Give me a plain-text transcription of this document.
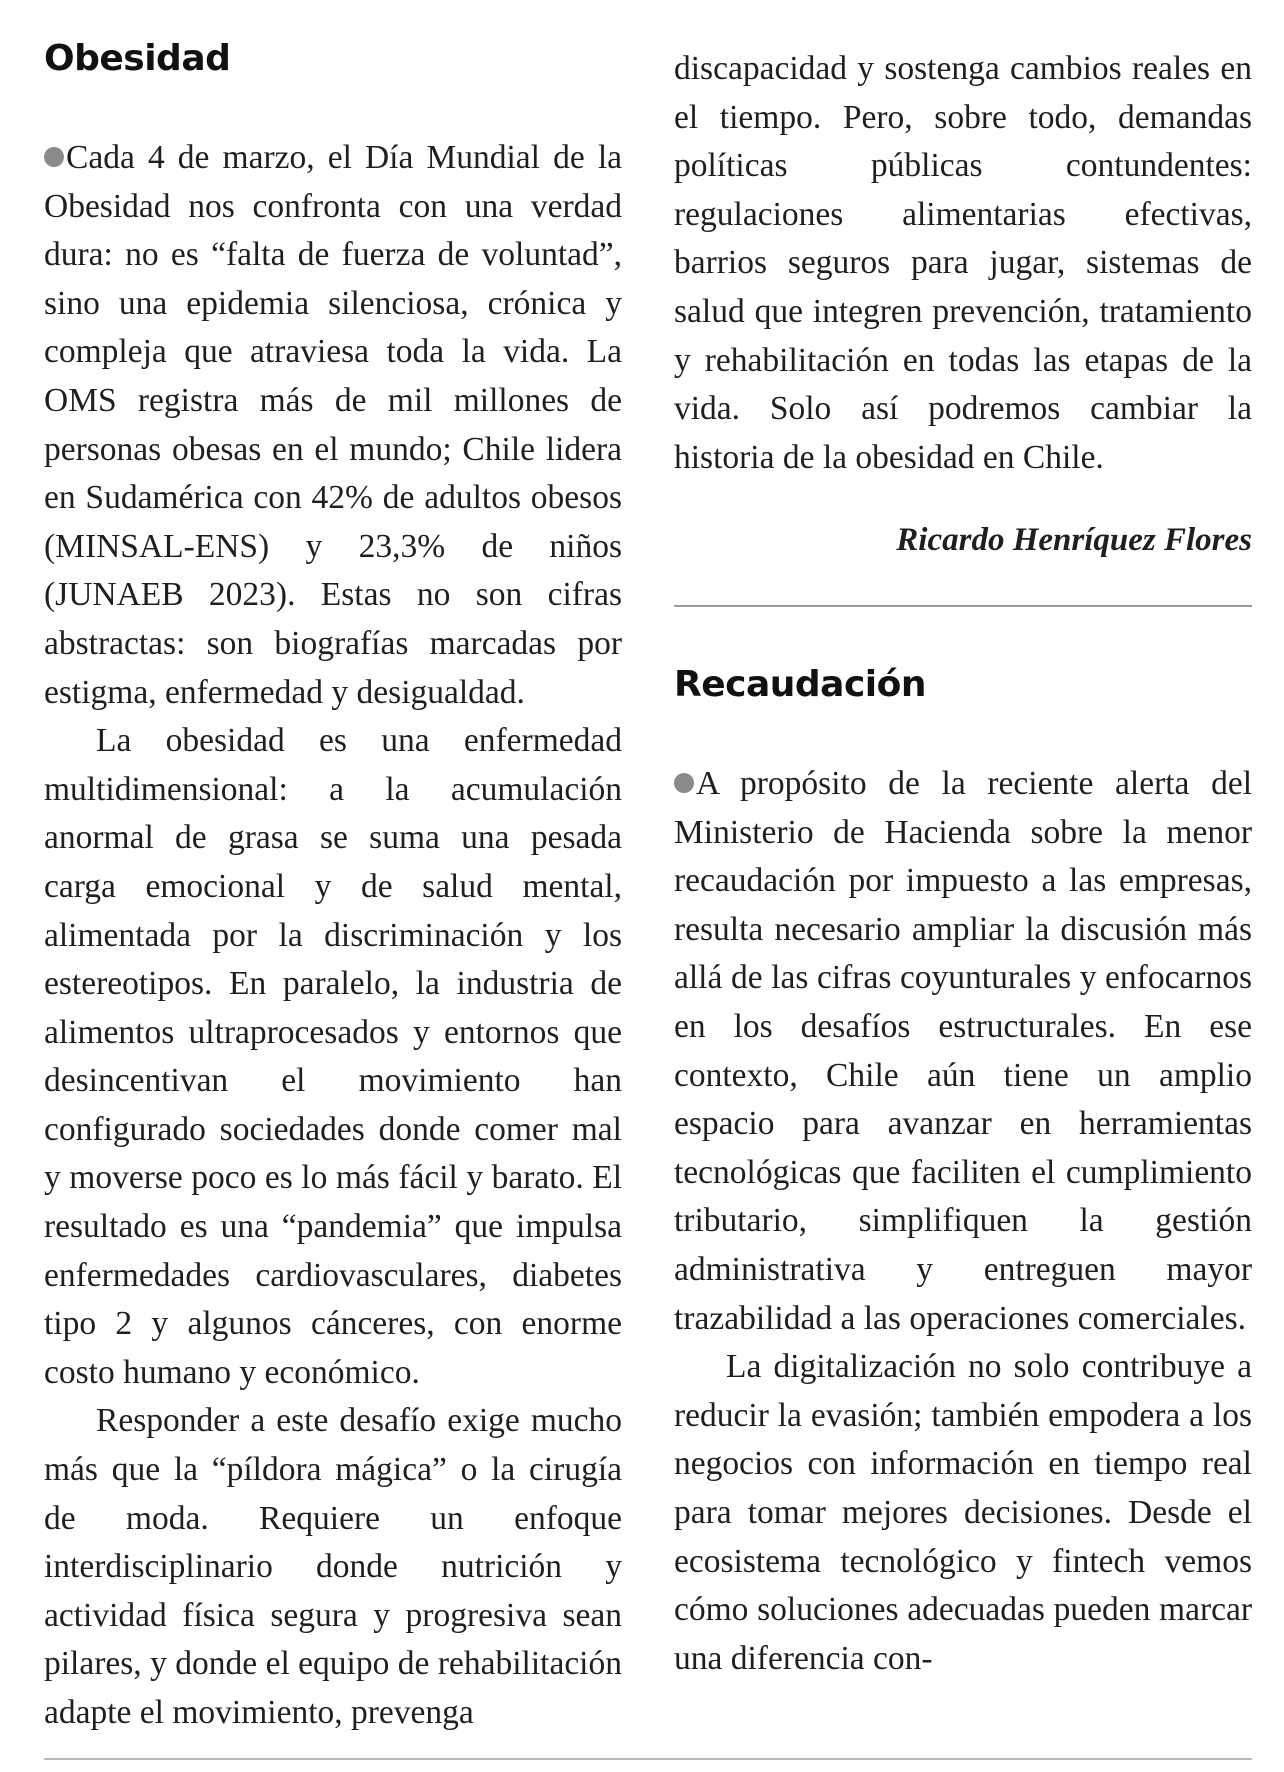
Obesidad

Cada 4 de marzo, el Día Mundial de la Obesidad nos confronta con una verdad dura: no es “falta de fuerza de voluntad”, sino una epidemia silenciosa, crónica y compleja que atraviesa toda la vida. La OMS registra más de mil millones de personas obesas en el mundo; Chile lidera en Sudamérica con 42% de adultos obesos (MINSAL-ENS) y 23,3% de niños (JUNAEB 2023). Estas no son cifras abstractas: son biografías marcadas por estigma, enfermedad y desigualdad.

La obesidad es una enfermedad multidimensional: a la acumulación anormal de grasa se suma una pesada carga emocional y de salud mental, alimentada por la discriminación y los estereotipos. En paralelo, la industria de alimentos ultraprocesados y entornos que desincentivan el movimiento han configurado sociedades donde comer mal y moverse poco es lo más fácil y barato. El resultado es una “pandemia” que impulsa enfermedades cardiovasculares, diabetes tipo 2 y algunos cánceres, con enorme costo humano y económico.

Responder a este desafío exige mucho más que la “píldora mágica” o la cirugía de moda. Requiere un enfoque interdisciplinario donde nutrición y actividad física segura y progresiva sean pilares, y donde el equipo de rehabilitación adapte el movimiento, prevenga

discapacidad y sostenga cambios reales en el tiempo. Pero, sobre todo, demandas políticas públicas contundentes: regulaciones alimentarias efectivas, barrios seguros para jugar, sistemas de salud que integren prevención, tratamiento y rehabilitación en todas las etapas de la vida. Solo así podremos cambiar la historia de la obesidad en Chile.

Ricardo Henríquez Flores
Recaudación

A propósito de la reciente alerta del Ministerio de Hacienda sobre la menor recaudación por impuesto a las empresas, resulta necesario ampliar la discusión más allá de las cifras coyunturales y enfocarnos en los desafíos estructurales. En ese contexto, Chile aún tiene un amplio espacio para avanzar en herramientas tecnológicas que faciliten el cumplimiento tributario, simplifiquen la gestión administrativa y entreguen mayor trazabilidad a las operaciones comerciales.

La digitalización no solo contribuye a reducir la evasión; también empodera a los negocios con información en tiempo real para tomar mejores decisiones. Desde el ecosistema tecnológico y fintech vemos cómo soluciones adecuadas pueden marcar una diferencia con-
